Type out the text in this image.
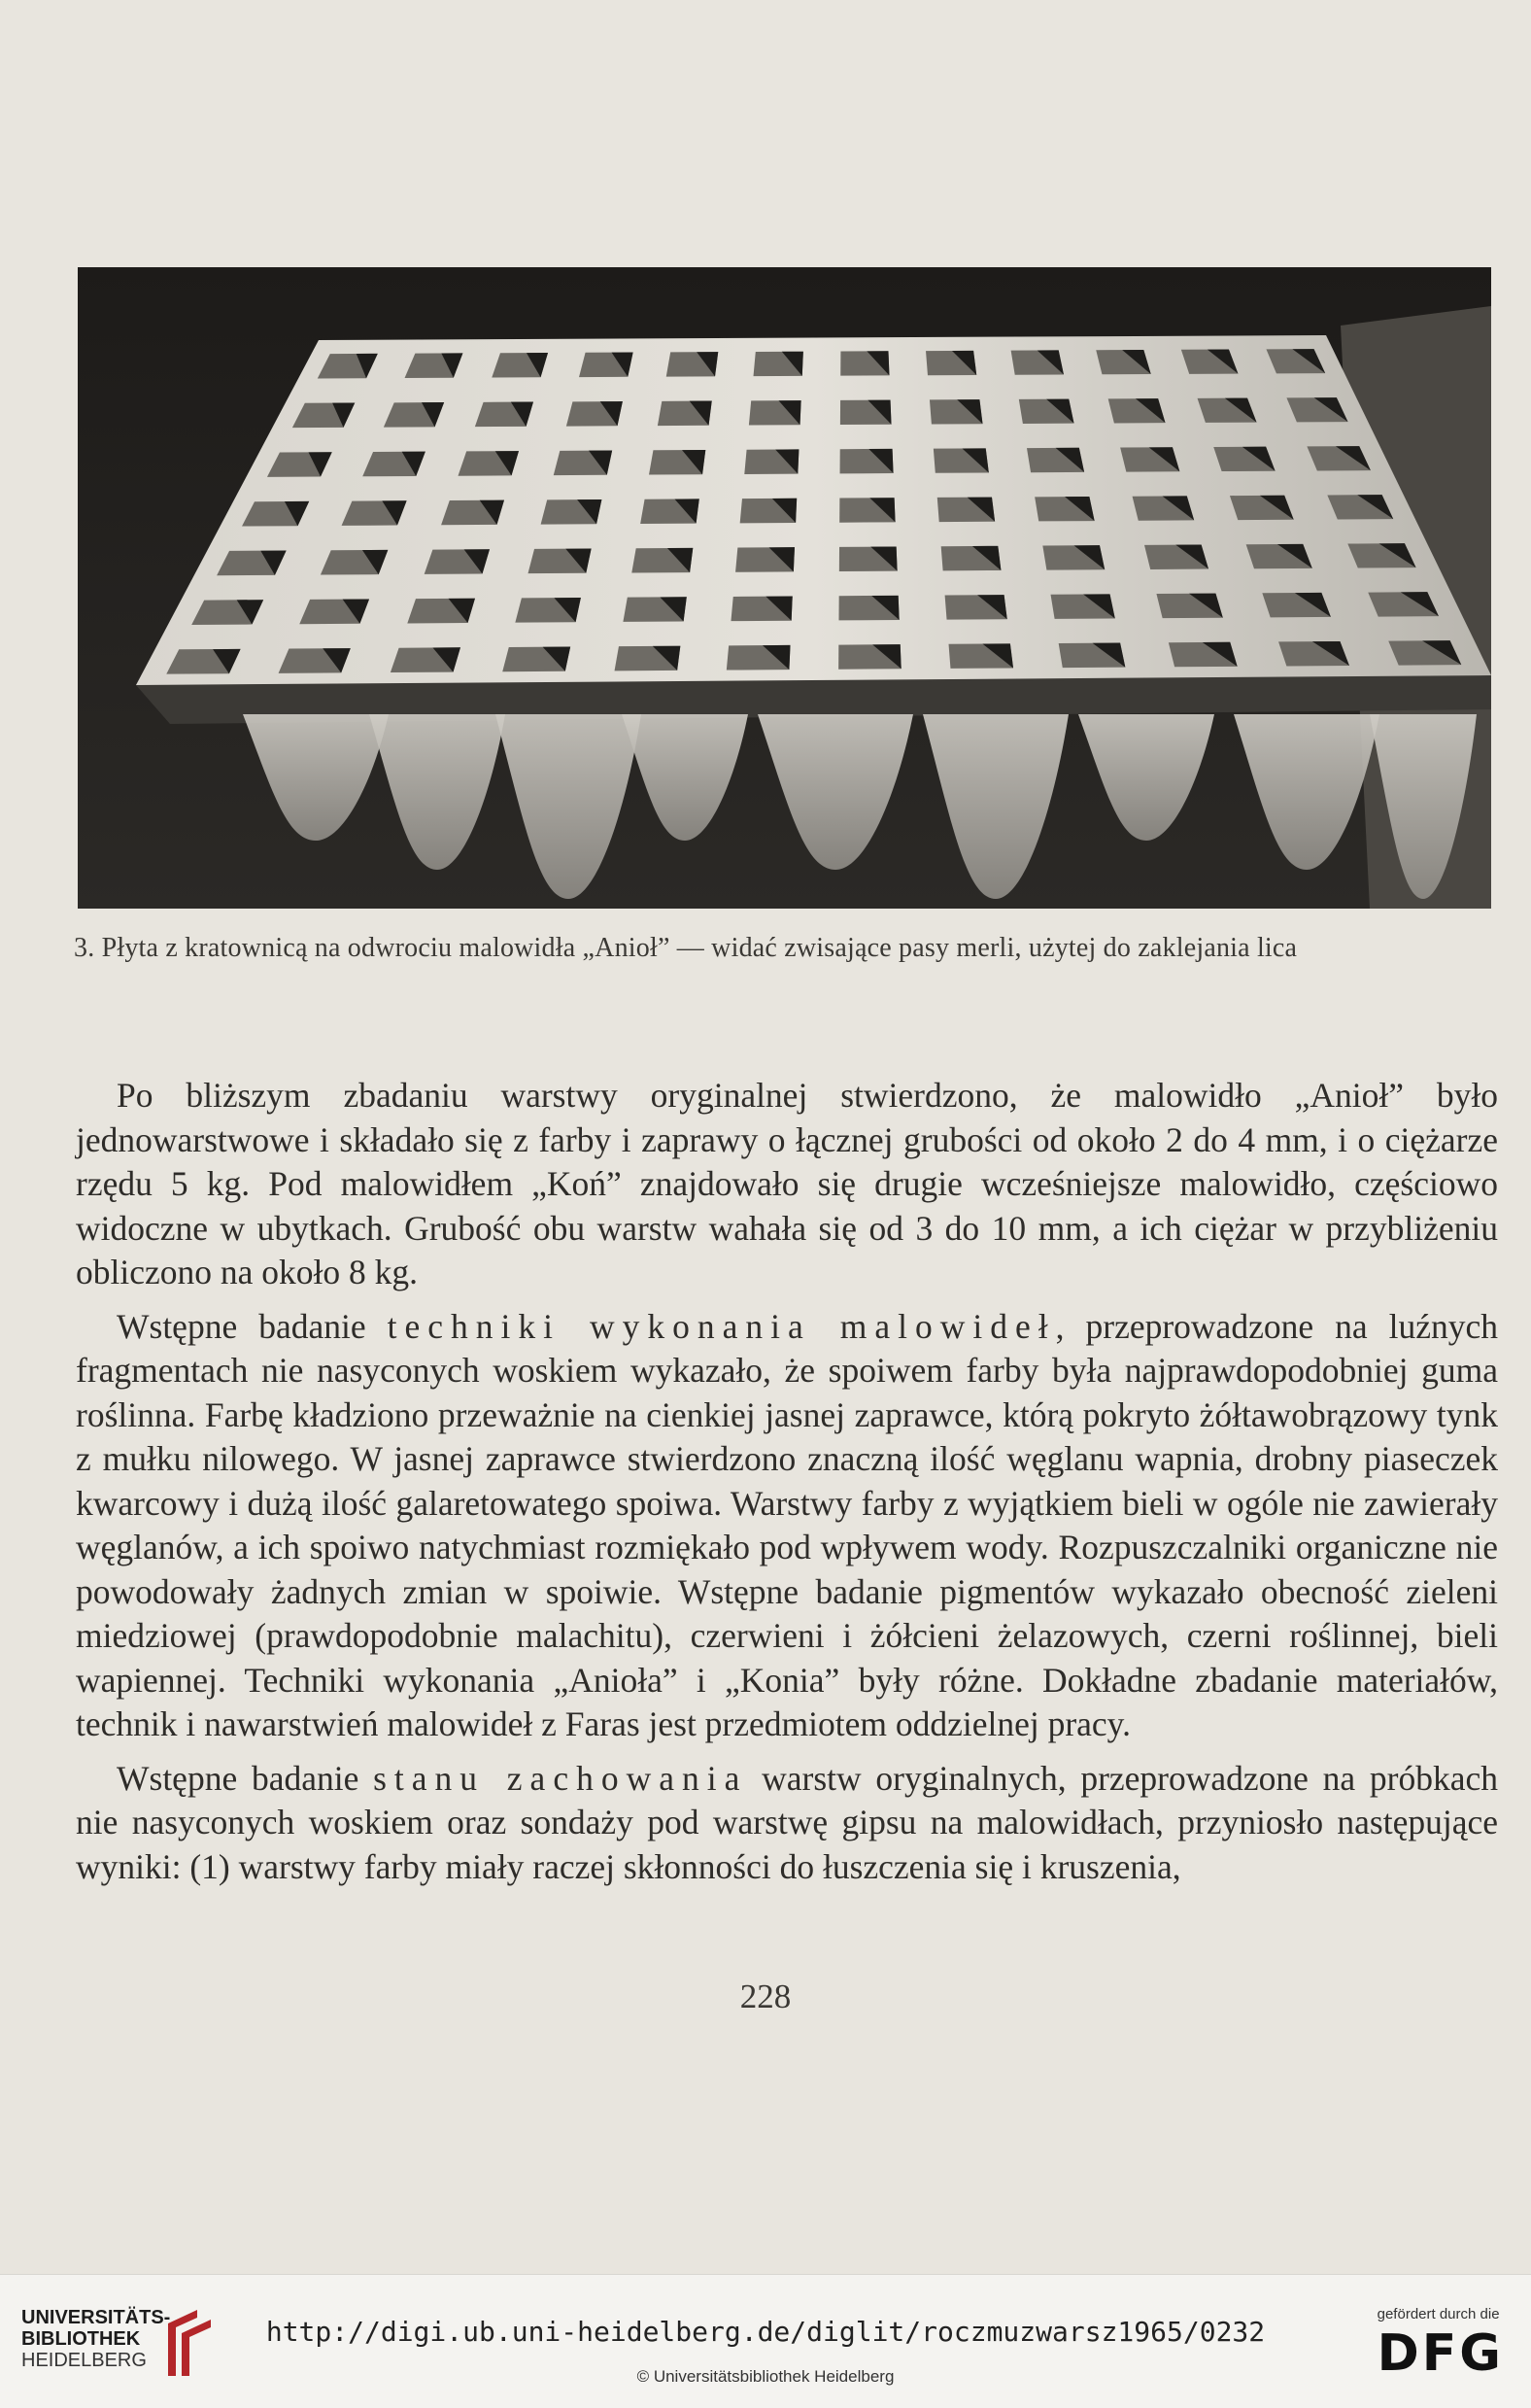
3. Płyta z kratownicą na odwrociu malowidła „Anioł” — widać zwisające pasy merli, użytej do zaklejania lica

Po bliższym zbadaniu warstwy oryginalnej stwierdzono, że malowidło „Anioł” było jednowarstwowe i składało się z farby i zaprawy o łącznej grubości od około 2 do 4 mm, i o ciężarze rzędu 5 kg. Pod malowidłem „Koń” znajdowało się drugie wcześniejsze malowidło, częściowo widoczne w ubytkach. Grubość obu warstw wahała się od 3 do 10 mm, a ich ciężar w przybliżeniu obliczono na około 8 kg.

Wstępne badanie techniki wykonania malowideł, przeprowadzone na luźnych fragmentach nie nasyconych woskiem wykazało, że spoiwem farby była najprawdopodobniej guma roślinna. Farbę kładziono przeważnie na cienkiej jasnej zaprawce, którą pokryto żółtawobrązowy tynk z mułku nilowego. W jasnej zaprawce stwierdzono znaczną ilość węglanu wapnia, drobny piaseczek kwarcowy i dużą ilość galaretowatego spoiwa. Warstwy farby z wyjątkiem bieli w ogóle nie zawierały węglanów, a ich spoiwo natychmiast rozmiękało pod wpływem wody. Rozpuszczalniki organiczne nie powodowały żadnych zmian w spoiwie. Wstępne badanie pigmentów wykazało obecność zieleni miedziowej (prawdopodobnie malachitu), czerwieni i żółcieni żelazowych, czerni roślinnej, bieli wapiennej. Techniki wykonania „Anioła” i „Konia” były różne. Dokładne zbadanie materiałów, technik i nawarstwień malowideł z Faras jest przedmiotem oddzielnej pracy.

Wstępne badanie stanu zachowania warstw oryginalnych, przeprowadzone na próbkach nie nasyconych woskiem oraz sondaży pod warstwę gipsu na malowidłach, przyniosło następujące wyniki: (1) warstwy farby miały raczej skłonności do łuszczenia się i kruszenia,

228
UNIVERSITÄTS-
BIBLIOTHEK
HEIDELBERG
http://digi.ub.uni-heidelberg.de/diglit/roczmuzwarsz1965/0232
© Universitätsbibliothek Heidelberg
gefördert durch die
DFG
